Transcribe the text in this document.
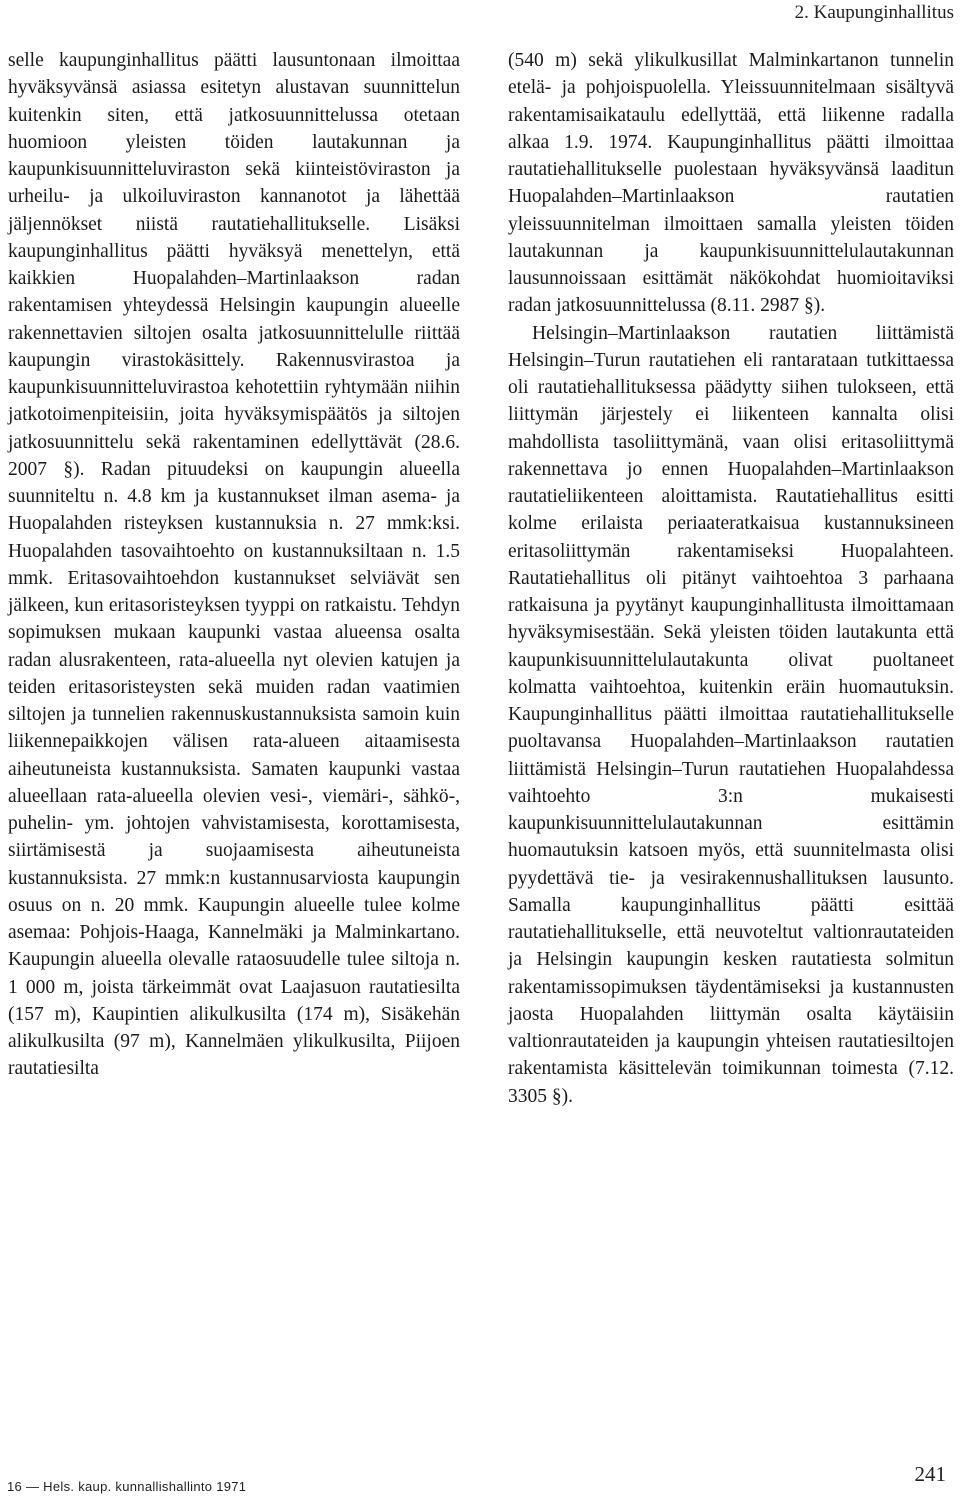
2. Kaupunginhallitus

selle kaupunginhallitus päätti lausuntonaan ilmoittaa hyväksyvänsä asiassa esitetyn alustavan suunnittelun kuitenkin siten, että jatkosuunnittelussa otetaan huomioon yleisten töiden lautakunnan ja kaupunkisuunnitteluviraston sekä kiinteistöviraston ja urheilu- ja ulkoiluviraston kannanotot ja lähettää jäljennökset niistä rautatiehallitukselle. Lisäksi kaupunginhallitus päätti hyväksyä menettelyn, että kaikkien Huopalahden–Martinlaakson radan rakentamisen yhteydessä Helsingin kaupungin alueelle rakennettavien siltojen osalta jatkosuunnittelulle riittää kaupungin virastokäsittely. Rakennusvirastoa ja kaupunkisuunnitteluvirastoa kehotettiin ryhtymään niihin jatkotoimenpiteisiin, joita hyväksymispäätös ja siltojen jatkosuunnittelu sekä rakentaminen edellyttävät (28.6. 2007 §). Radan pituudeksi on kaupungin alueella suunniteltu n. 4.8 km ja kustannukset ilman asema- ja Huopalahden risteyksen kustannuksia n. 27 mmk:ksi. Huopalahden tasovaihtoehto on kustannuksiltaan n. 1.5 mmk. Eritasovaihtoehdon kustannukset selviävät sen jälkeen, kun eritasoristeyksen tyyppi on ratkaistu. Tehdyn sopimuksen mukaan kaupunki vastaa alueensa osalta radan alusrakenteen, rata-alueella nyt olevien katujen ja teiden eritasoristeysten sekä muiden radan vaatimien siltojen ja tunnelien rakennuskustannuksista samoin kuin liikennepaikkojen välisen rata-alueen aitaamisesta aiheutuneista kustannuksista. Samaten kaupunki vastaa alueellaan rata-alueella olevien vesi-, viemäri-, sähkö-, puhelin- ym. johtojen vahvistamisesta, korottamisesta, siirtämisestä ja suojaamisesta aiheutuneista kustannuksista. 27 mmk:n kustannusarviosta kaupungin osuus on n. 20 mmk. Kaupungin alueelle tulee kolme asemaa: Pohjois-Haaga, Kannelmäki ja Malminkartano. Kaupungin alueella olevalle rataosuudelle tulee siltoja n. 1 000 m, joista tärkeimmät ovat Laajasuon rautatiesilta (157 m), Kaupintien alikulkusilta (174 m), Sisäkehän alikulkusilta (97 m), Kannelmäen ylikulkusilta, Piijoen rautatiesilta

(540 m) sekä ylikulkusillat Malminkartanon tunnelin etelä- ja pohjoispuolella. Yleissuunnitelmaan sisältyvä rakentamisaikataulu edellyttää, että liikenne radalla alkaa 1.9. 1974. Kaupunginhallitus päätti ilmoittaa rautatiehallitukselle puolestaan hyväksyvänsä laaditun Huopalahden–Martinlaakson rautatien yleissuunnitelman ilmoittaen samalla yleisten töiden lautakunnan ja kaupunkisuunnittelulautakunnan lausunnoissaan esittämät näkökohdat huomioitaviksi radan jatkosuunnittelussa (8.11. 2987 §).

Helsingin–Martinlaakson rautatien liittämistä Helsingin–Turun rautatiehen eli rantarataan tutkittaessa oli rautatiehallituksessa päädytty siihen tulokseen, että liittymän järjestely ei liikenteen kannalta olisi mahdollista tasoliittymänä, vaan olisi eritasoliittymä rakennettava jo ennen Huopalahden–Martinlaakson rautatieliikenteen aloittamista. Rautatiehallitus esitti kolme erilaista periaateratkaisua kustannuksineen eritasoliittymän rakentamiseksi Huopalahteen. Rautatiehallitus oli pitänyt vaihtoehtoa 3 parhaana ratkaisuna ja pyytänyt kaupunginhallitusta ilmoittamaan hyväksymisestään. Sekä yleisten töiden lautakunta että kaupunkisuunnittelulautakunta olivat puoltaneet kolmatta vaihtoehtoa, kuitenkin eräin huomautuksin. Kaupunginhallitus päätti ilmoittaa rautatiehallitukselle puoltavansa Huopalahden–Martinlaakson rautatien liittämistä Helsingin–Turun rautatiehen Huopalahdessa vaihtoehto 3:n mukaisesti kaupunkisuunnittelulautakunnan esittämin huomautuksin katsoen myös, että suunnitelmasta olisi pyydettävä tie- ja vesirakennushallituksen lausunto. Samalla kaupunginhallitus päätti esittää rautatiehallitukselle, että neuvoteltut valtionrautateiden ja Helsingin kaupungin kesken rautatiesta solmitun rakentamissopimuksen täydentämiseksi ja kustannusten jaosta Huopalahden liittymän osalta käytäisiin valtionrautateiden ja kaupungin yhteisen rautatiesiltojen rakentamista käsittelevän toimikunnan toimesta (7.12. 3305 §).

16 — Hels. kaup. kunnallishallinto 1971
241
